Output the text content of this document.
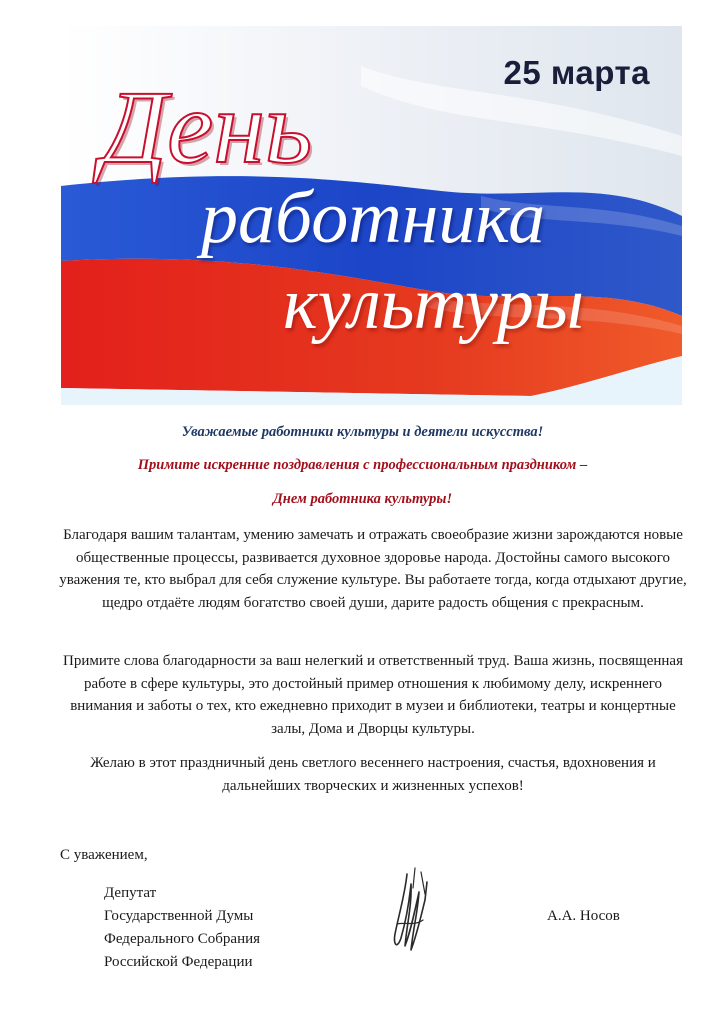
25 марта
День
работника
культуры
Уважаемые работники культуры и деятели искусства!
Примите искренние поздравления с профессиональным праздником –
Днем работника культуры!
Благодаря вашим талантам, умению замечать и отражать своеобразие жизни зарождаются новые общественные процессы, развивается духовное здоровье народа. Достойны самого высокого уважения те, кто выбрал для себя служение культуре. Вы работаете тогда, когда отдыхают другие, щедро отдаёте людям богатство своей души, дарите радость общения с прекрасным.
Примите слова благодарности за ваш нелегкий и ответственный труд. Ваша жизнь, посвященная работе в сфере культуры, это достойный пример отношения к любимому делу, искреннего внимания и заботы о тех, кто ежедневно приходит в музеи и библиотеки, театры и концертные залы, Дома и Дворцы культуры.
Желаю в этот праздничный день светлого весеннего настроения, счастья, вдохновения и дальнейших творческих и жизненных успехов!
С уважением,
Депутат
Государственной Думы
Федерального Собрания
Российской Федерации
А.А. Носов
